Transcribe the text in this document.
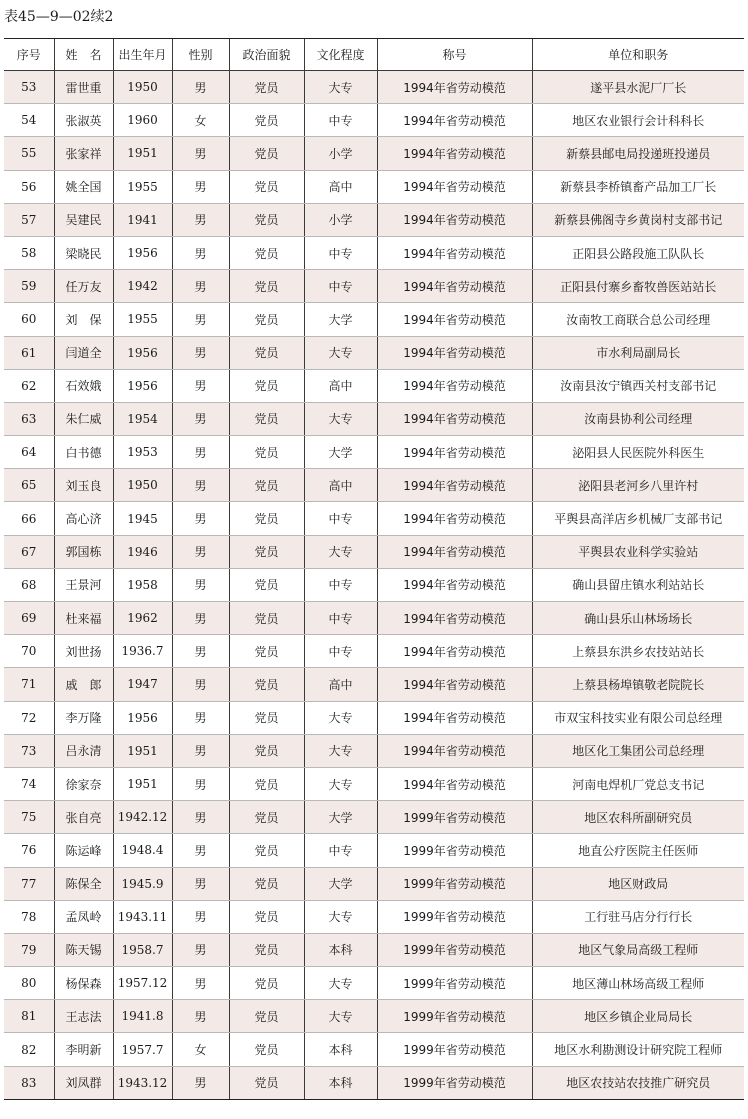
表45—9—02续2
序号	姓　名	出生年月	性别	政治面貌	文化程度	称号	单位和职务
53	雷世重	1950	男	党员	大专	1994年省劳动模范	遂平县水泥厂厂长
54	张淑英	1960	女	党员	中专	1994年省劳动模范	地区农业银行会计科科长
55	张家祥	1951	男	党员	小学	1994年省劳动模范	新蔡县邮电局投递班投递员
56	姚全国	1955	男	党员	高中	1994年省劳动模范	新蔡县李桥镇畜产品加工厂长
57	吴建民	1941	男	党员	小学	1994年省劳动模范	新蔡县佛阁寺乡黄岗村支部书记
58	梁晓民	1956	男	党员	中专	1994年省劳动模范	正阳县公路段施工队队长
59	任万友	1942	男	党员	中专	1994年省劳动模范	正阳县付寨乡畜牧兽医站站长
60	刘　保	1955	男	党员	大学	1994年省劳动模范	汝南牧工商联合总公司经理
61	闫道全	1956	男	党员	大专	1994年省劳动模范	市水利局副局长
62	石效娥	1956	男	党员	高中	1994年省劳动模范	汝南县汝宁镇西关村支部书记
63	朱仁威	1954	男	党员	大专	1994年省劳动模范	汝南县协利公司经理
64	白书德	1953	男	党员	大学	1994年省劳动模范	泌阳县人民医院外科医生
65	刘玉良	1950	男	党员	高中	1994年省劳动模范	泌阳县老河乡八里许村
66	高心济	1945	男	党员	中专	1994年省劳动模范	平舆县高洋店乡机械厂支部书记
67	郭国栋	1946	男	党员	大专	1994年省劳动模范	平舆县农业科学实验站
68	王景河	1958	男	党员	中专	1994年省劳动模范	确山县留庄镇水利站站长
69	杜来福	1962	男	党员	中专	1994年省劳动模范	确山县乐山林场场长
70	刘世扬	1936.7	男	党员	中专	1994年省劳动模范	上蔡县东洪乡农技站站长
71	戚　郎	1947	男	党员	高中	1994年省劳动模范	上蔡县杨埠镇敬老院院长
72	李万隆	1956	男	党员	大专	1994年省劳动模范	市双宝科技实业有限公司总经理
73	吕永清	1951	男	党员	大专	1994年省劳动模范	地区化工集团公司总经理
74	徐家奈	1951	男	党员	大专	1994年省劳动模范	河南电焊机厂党总支书记
75	张自亮	1942.12	男	党员	大学	1999年省劳动模范	地区农科所副研究员
76	陈运峰	1948.4	男	党员	中专	1999年省劳动模范	地直公疗医院主任医师
77	陈保全	1945.9	男	党员	大学	1999年省劳动模范	地区财政局
78	孟凤岭	1943.11	男	党员	大专	1999年省劳动模范	工行驻马店分行行长
79	陈天锡	1958.7	男	党员	本科	1999年省劳动模范	地区气象局高级工程师
80	杨保森	1957.12	男	党员	大专	1999年省劳动模范	地区薄山林场高级工程师
81	王志法	1941.8	男	党员	大专	1999年省劳动模范	地区乡镇企业局局长
82	李明新	1957.7	女	党员	本科	1999年省劳动模范	地区水利勘测设计研究院工程师
83	刘凤群	1943.12	男	党员	本科	1999年省劳动模范	地区农技站农技推广研究员
